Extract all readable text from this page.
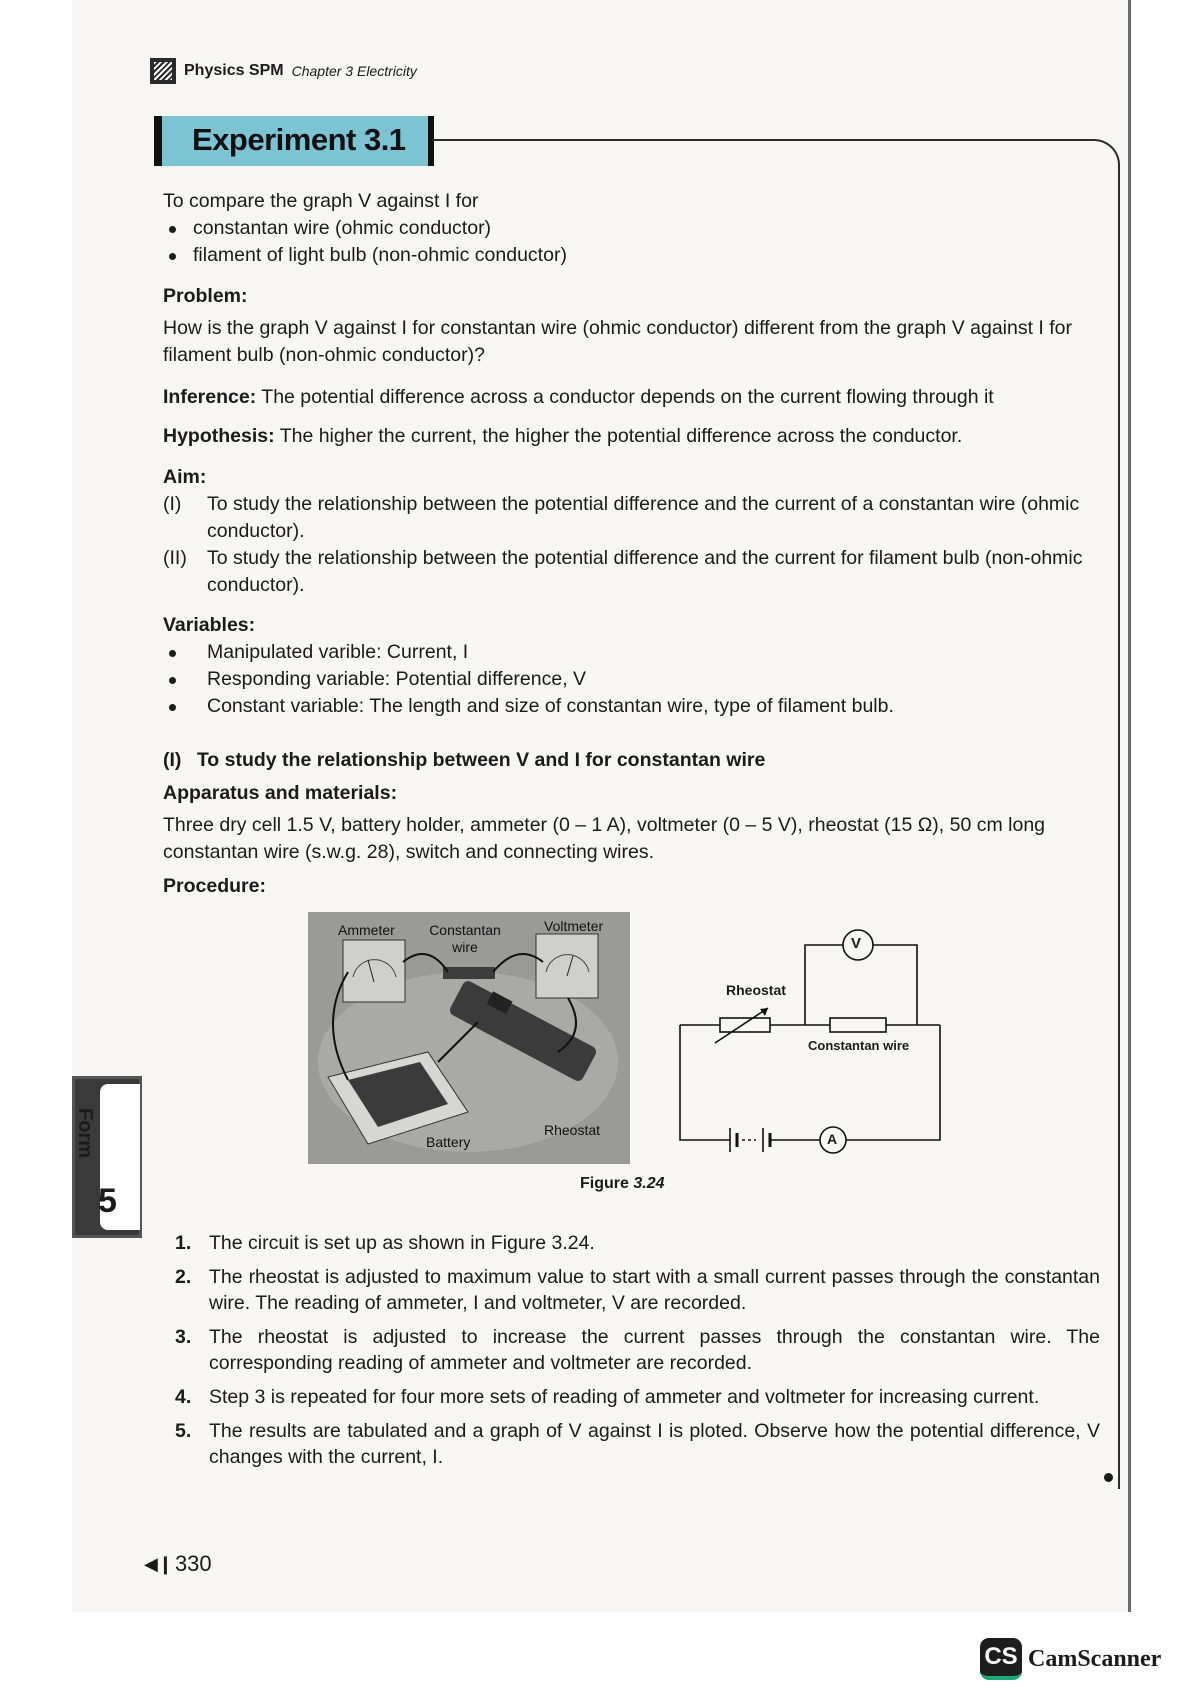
Physics SPM Chapter 3 Electricity
Experiment 3.1
To compare the graph V against I for
constantan wire (ohmic conductor)
filament of light bulb (non-ohmic conductor)
Problem:
How is the graph V against I for constantan wire (ohmic conductor) different from the graph V against I for filament bulb (non-ohmic conductor)?
Inference: The potential difference across a conductor depends on the current flowing through it
Hypothesis: The higher the current, the higher the potential difference across the conductor.
Aim:
(I) To study the relationship between the potential difference and the current of a constantan wire (ohmic conductor).
(II) To study the relationship between the potential difference and the current for filament bulb (non-ohmic conductor).
Variables:
Manipulated varible: Current, I
Responding variable: Potential difference, V
Constant variable: The length and size of constantan wire, type of filament bulb.
(I) To study the relationship between V and I for constantan wire
Apparatus and materials:
Three dry cell 1.5 V, battery holder, ammeter (0 – 1 A), voltmeter (0 – 5 V), rheostat (15 Ω), 50 cm long constantan wire (s.w.g. 28), switch and connecting wires.
Procedure:
Ammeter	Constantan wire
Voltmeter
Battery
Rheostat
V
A
Rheostat
Constantan wire
Figure 3.24
1. The circuit is set up as shown in Figure 3.24.
2. The rheostat is adjusted to maximum value to start with a small current passes through the constantan wire. The reading of ammeter, I and voltmeter, V are recorded.
3. The rheostat is adjusted to increase the current passes through the constantan wire. The corresponding reading of ammeter and voltmeter are recorded.
4. Step 3 is repeated for four more sets of reading of ammeter and voltmeter for increasing current.
5. The results are tabulated and a graph of V against I is ploted. Observe how the potential difference, V changes with the current, I.
Form
5
◀❙ 330
CS CamScanner
